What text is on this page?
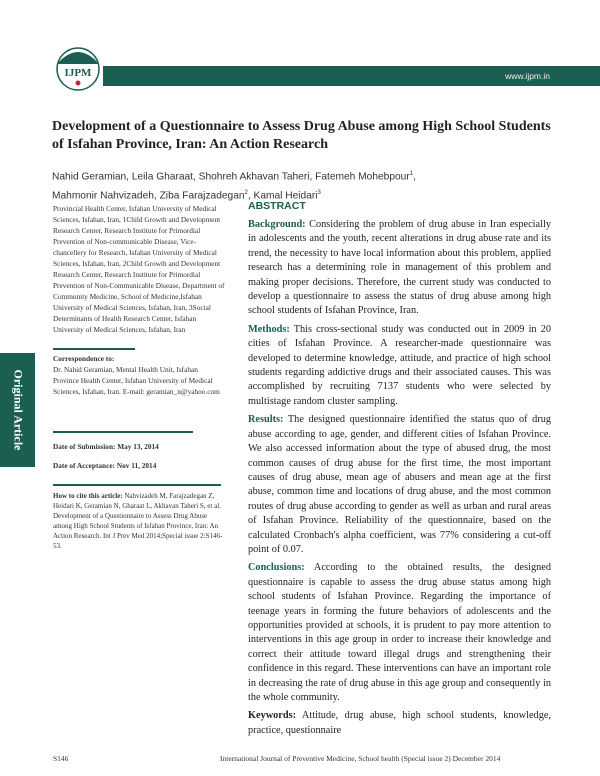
IJPM	www.ijpm.in
Development of a Questionnaire to Assess Drug Abuse among High School Students of Isfahan Province, Iran: An Action Research
Nahid Geramian, Leila Gharaat, Shohreh Akhavan Taheri, Fatemeh Mohebpour$^1$,
Mahmonir Nahvizadeh, Ziba Farajzadegan$^2$, Kamal Heidari$^3$
Provincial Health Center, Isfahan University of Medical Sciences, Isfahan, Iran, 1Child Growth and Development Research Center, Research Institute for Primordial Prevention of Non-communicable Disease, Vice-chancellery for Research, Isfahan University of Medical Sciences, Isfahan, Iran, 2Child Growth and Development Research Center, Research Institute for Primordial Prevention of Non-Communicable Disease, Department of Community Medicine, School of Medicine,Isfahan University of Medical Sciences, Isfahan, Iran, 3Social Determinants of Health Research Center, Isfahan University of Medical Sciences, Isfahan, Iran
Correspondence to:
Dr. Nahid Geramian, Mental Health Unit, Isfahan Province Health Center, Isfahan University of Medical Sciences, Isfahan, Iran. E-mail: geramian_n@yahoo.com
Date of Submission: May 13, 2014
Date of Acceptance: Nov 11, 2014
How to cite this article: Nahvizadeh M, Farajzadegan Z, Heidari K, Geramian N, Gharaat L, Akhavan Taheri S, et al. Development of a Questionnaire to Assess Drug Abuse among High School Students of Isfahan Province, Iran: An Action Research. Int J Prev Med 2014;Special issue 2:S146-53.
Original Article
ABSTRACT

Background: Considering the problem of drug abuse in Iran especially in adolescents and the youth, recent alterations in drug abuse rate and its trend, the necessity to have local information about this problem, applied research has a determining role in management of this problem and making proper decisions. Therefore, the current study was conducted to develop a questionnaire to assess the status of drug abuse among high school students of Isfahan Province, Iran.

Methods: This cross-sectional study was conducted out in 2009 in 20 cities of Isfahan Province. A researcher-made questionnaire was developed to determine knowledge, attitude, and practice of high school students regarding addictive drugs and their associated causes. This was accomplished by recruiting 7137 students who were selected by multistage random cluster sampling.

Results: The designed questionnaire identified the status quo of drug abuse according to age, gender, and different cities of Isfahan Province. We also accessed information about the type of abused drug, the most common causes of drug abuse for the first time, the most important causes of drug abuse, mean age of abusers and mean age at the first abuse, common time and locations of drug abuse, and the most common routes of drug abuse according to gender as well as urban and rural areas of Isfahan Province. Reliability of the questionnaire, based on the calculated Cronbach's alpha coefficient, was 77% considering a cut-off point of 0.07.

Conclusions: According to the obtained results, the designed questionnaire is capable to assess the drug abuse status among high school students of Isfahan Province. Regarding the importance of teenage years in forming the future behaviors of adolescents and the opportunities provided at schools, it is prudent to pay more attention to interventions in this age group in order to increase their knowledge and correct their attitude toward illegal drugs and strengthening their confidence in this regard. These interventions can have an important role in decreasing the rate of drug abuse in this age group and consequently in the whole community.

Keywords: Attitude, drug abuse, high school students, knowledge, practice, questionnaire

S146	International Journal of Preventive Medicine, School health (Special issue 2) December 2014
